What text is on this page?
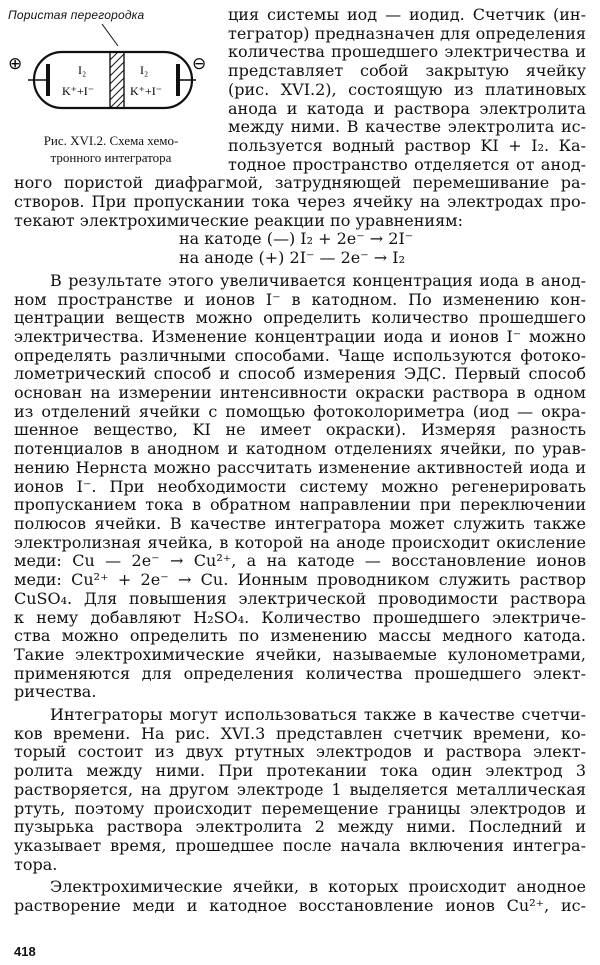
Пористая перегородка
⊕	⊖
I₂
K⁺+I⁻
I₂
K⁺+I⁻
Рис. XVI.2. Схема хемо-
тронного интегратора
ция системы иод — иодид. Счетчик (ин-
тегратор) предназначен для определения
количества прошедшего электричества и
представляет собой закрытую ячейку
(рис. XVI.2), состоящую из платиновых
анода и катода и раствора электролита
между ними. В качестве электролита ис-
пользуется водный раствор KI + I₂. Ка-
тодное пространство отделяется от анод-
ного пористой диафрагмой, затрудняющей перемешивание ра-
створов. При пропускании тока через ячейку на электродах про-
текают электрохимические реакции по уравнениям:
на катоде (—) I₂ + 2e⁻ → 2I⁻
на аноде (+) 2I⁻ — 2e⁻ → I₂
В результате этого увеличивается концентрация иода в анод-
ном пространстве и ионов I⁻ в катодном. По изменению кон-
центрации веществ можно определить количество прошедшего
электричества. Изменение концентрации иода и ионов I⁻ можно
определять различными способами. Чаще используются фотоко-
лометрический способ и способ измерения ЭДС. Первый способ
основан на измерении интенсивности окраски раствора в одном
из отделений ячейки с помощью фотоколориметра (иод — окра-
шенное вещество, KI не имеет окраски). Измеряя разность
потенциалов в анодном и катодном отделениях ячейки, по урав-
нению Нернста можно рассчитать изменение активностей иода и
ионов I⁻. При необходимости систему можно регенерировать
пропусканием тока в обратном направлении при переключении
полюсов ячейки. В качестве интегратора может служить также
электролизная ячейка, в которой на аноде происходит окисление
меди: Cu — 2e⁻ → Cu²⁺, а на катоде — восстановление ионов
меди: Cu²⁺ + 2e⁻ → Cu. Ионным проводником служить раствор
CuSO₄. Для повышения электрической проводимости раствора
к нему добавляют H₂SO₄. Количество прошедшего электриче-
ства можно определить по изменению массы медного катода.
Такие электрохимические ячейки, называемые кулонометрами,
применяются для определения количества прошедшего элект-
ричества.
Интеграторы могут использоваться также в качестве счетчи-
ков времени. На рис. XVI.3 представлен счетчик времени, ко-
торый состоит из двух ртутных электродов и раствора элект-
ролита между ними. При протекании тока один электрод 3
растворяется, на другом электроде 1 выделяется металлическая
ртуть, поэтому происходит перемещение границы электродов и
пузырька раствора электролита 2 между ними. Последний и
указывает время, прошедшее после начала включения интегра-
тора.
Электрохимические ячейки, в которых происходит анодное
растворение меди и катодное восстановление ионов Cu²⁺, ис-
418
